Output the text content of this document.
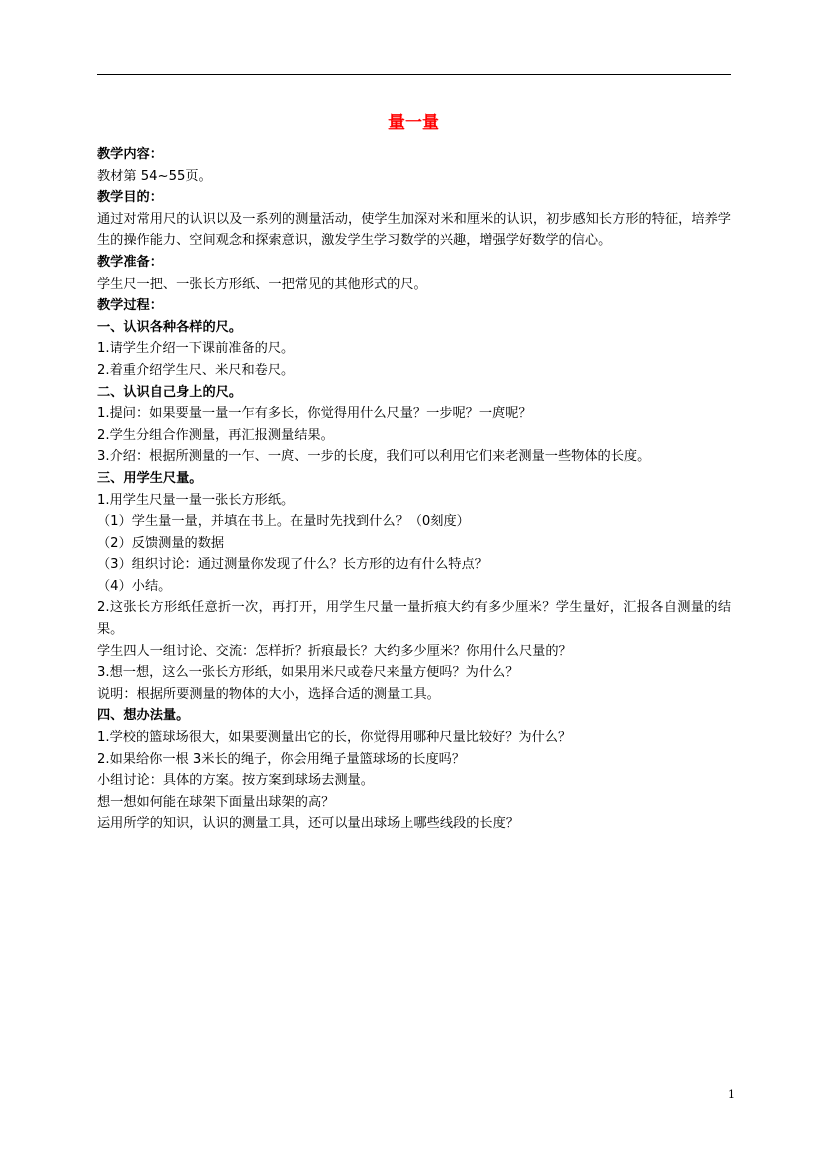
量一量

教学内容：

教材第 54~55页。

教学目的：

通过对常用尺的认识以及一系列的测量活动，使学生加深对米和厘米的认识，初步感知长方形的特征，培养学生的操作能力、空间观念和探索意识，激发学生学习数学的兴趣，增强学好数学的信心。

教学准备：

学生尺一把、一张长方形纸、一把常见的其他形式的尺。

教学过程：

一、认识各种各样的尺。

1.请学生介绍一下课前准备的尺。

2.着重介绍学生尺、米尺和卷尺。

二、认识自己身上的尺。

1.提问：如果要量一量一乍有多长，你觉得用什么尺量？一步呢？一庹呢？

2.学生分组合作测量，再汇报测量结果。

3.介绍：根据所测量的一乍、一庹、一步的长度，我们可以利用它们来老测量一些物体的长度。

三、用学生尺量。

1.用学生尺量一量一张长方形纸。

（1）学生量一量，并填在书上。在量时先找到什么？（0刻度）

（2）反馈测量的数据

（3）组织讨论：通过测量你发现了什么？长方形的边有什么特点？

（4）小结。

2.这张长方形纸任意折一次，再打开，用学生尺量一量折痕大约有多少厘米？学生量好，汇报各自测量的结果。

学生四人一组讨论、交流：怎样折？折痕最长？大约多少厘米？你用什么尺量的？

3.想一想，这么一张长方形纸，如果用米尺或卷尺来量方便吗？为什么？

说明：根据所要测量的物体的大小，选择合适的测量工具。

四、想办法量。

1.学校的篮球场很大，如果要测量出它的长，你觉得用哪种尺量比较好？为什么？

2.如果给你一根 3米长的绳子，你会用绳子量篮球场的长度吗？

小组讨论：具体的方案。按方案到球场去测量。

想一想如何能在球架下面量出球架的高？

运用所学的知识，认识的测量工具，还可以量出球场上哪些线段的长度？

1
